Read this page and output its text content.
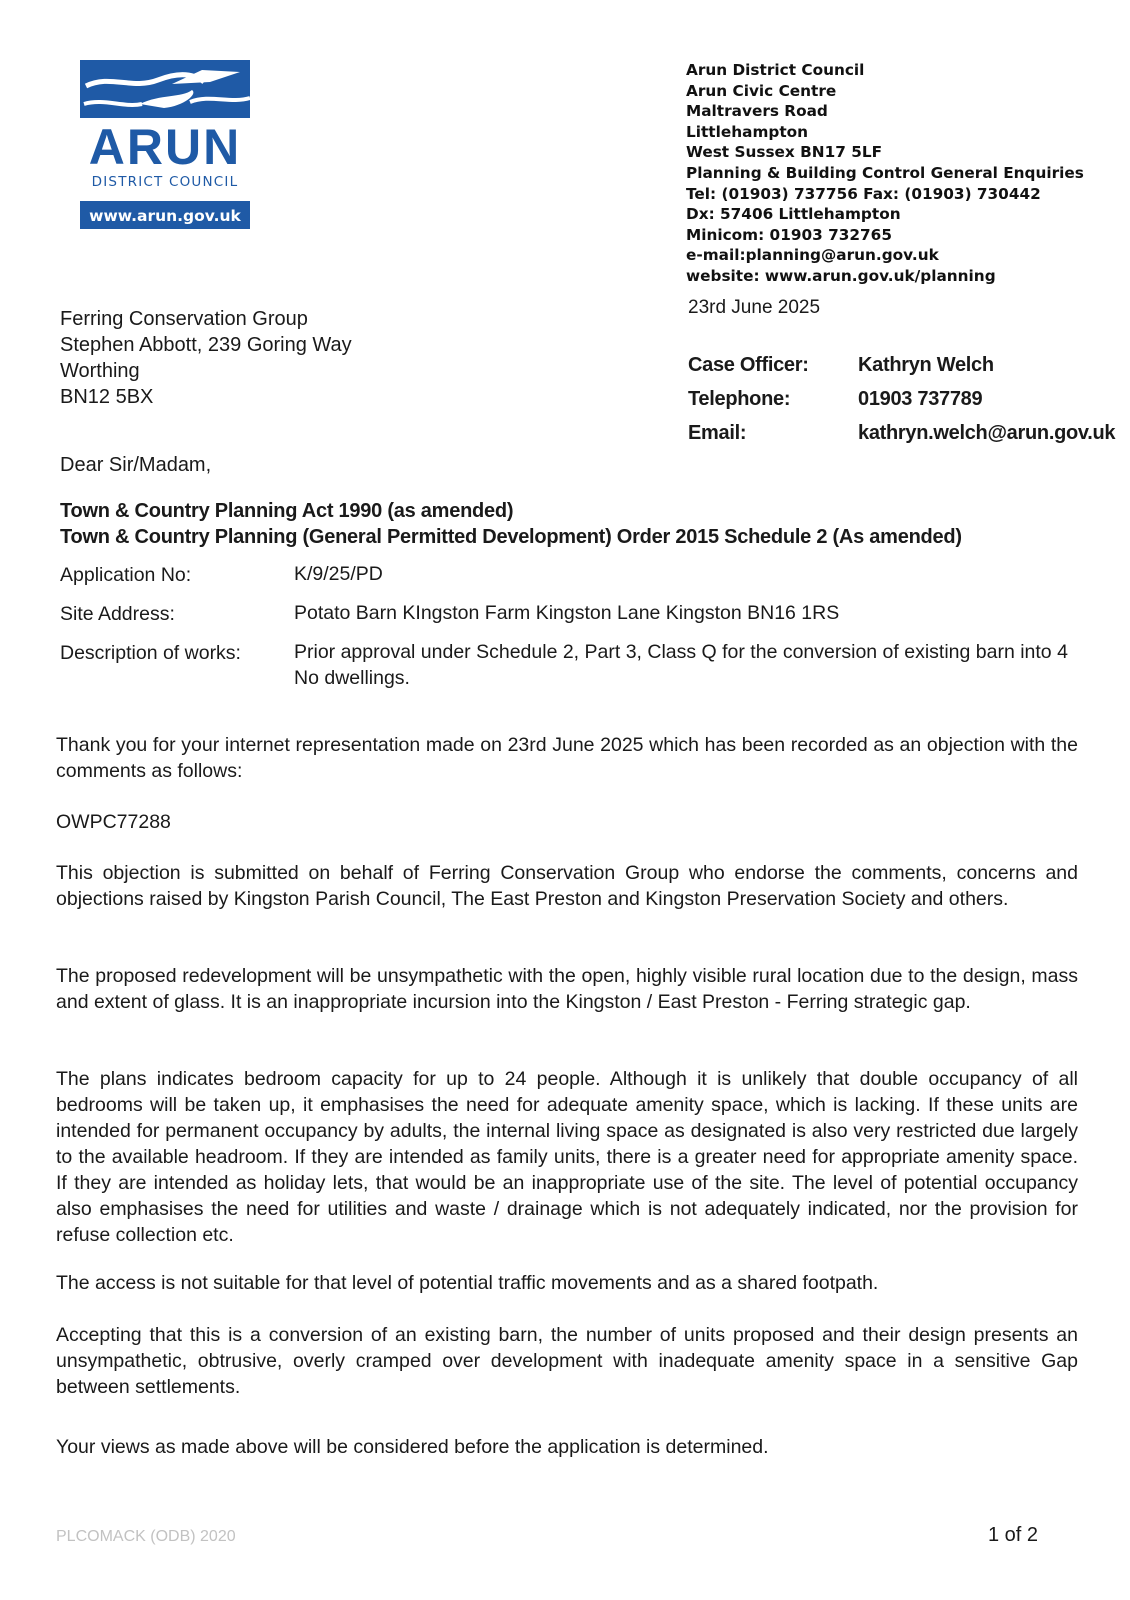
ARUN
DISTRICT COUNCIL
www.arun.gov.uk
Arun District Council
Arun Civic Centre
Maltravers Road
Littlehampton
West Sussex BN17 5LF
Planning & Building Control General Enquiries
Tel: (01903) 737756 Fax: (01903) 730442
Dx: 57406 Littlehampton
Minicom: 01903 732765
e-mail:planning@arun.gov.uk
website: www.arun.gov.uk/planning
23rd June 2025
Ferring Conservation Group
Stephen Abbott, 239 Goring Way
Worthing
BN12 5BX
Case Officer: Kathryn Welch
Telephone:	01903 737789
Email:	kathryn.welch@arun.gov.uk
Dear Sir/Madam,
Town & Country Planning Act 1990 (as amended)
Town & Country Planning (General Permitted Development) Order 2015 Schedule 2 (As amended)
Application No:	K/9/25/PD
Site Address:	Potato Barn KIngston Farm Kingston Lane Kingston BN16 1RS
Description of works:	Prior approval under Schedule 2, Part 3, Class Q for the conversion of existing barn into 4 No dwellings.
Thank you for your internet representation made on 23rd June 2025 which has been recorded as an objection with the comments as follows:
OWPC77288
This objection is submitted on behalf of Ferring Conservation Group who endorse the comments, concerns and objections raised by Kingston Parish Council, The East Preston and Kingston Preservation Society and others.
The proposed redevelopment will be unsympathetic with the open, highly visible rural location due to the design, mass and extent of glass. It is an inappropriate incursion into the Kingston / East Preston - Ferring strategic gap.
The plans indicates bedroom capacity for up to 24 people. Although it is unlikely that double occupancy of all bedrooms will be taken up, it emphasises the need for adequate amenity space, which is lacking. If these units are intended for permanent occupancy by adults, the internal living space as designated is also very restricted due largely to the available headroom. If they are intended as family units, there is a greater need for appropriate amenity space. If they are intended as holiday lets, that would be an inappropriate use of the site. The level of potential occupancy also emphasises the need for utilities and waste / drainage which is not adequately indicated, nor the provision for refuse collection etc.
The access is not suitable for that level of potential traffic movements and as a shared footpath.
Accepting that this is a conversion of an existing barn, the number of units proposed and their design presents an unsympathetic, obtrusive, overly cramped over development with inadequate amenity space in a sensitive Gap between settlements.
Your views as made above will be considered before the application is determined.
PLCOMACK (ODB) 2020	1 of 2
